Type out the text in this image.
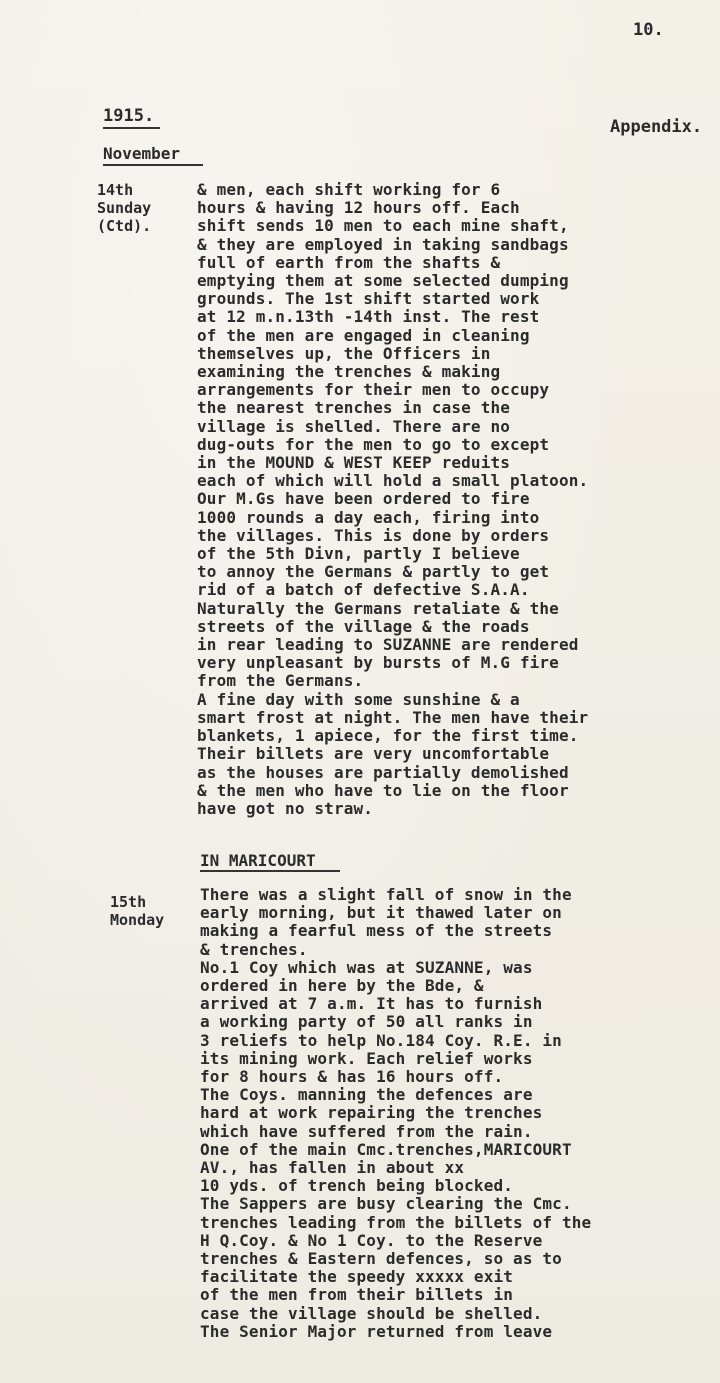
10.
1915.
Appendix.
November
14th
Sunday
(Ctd).
& men, each shift working for 6
hours & having 12 hours off. Each
shift sends 10 men to each mine shaft,
& they are employed in taking sandbags
full of earth from the shafts &
emptying them at some selected dumping
grounds. The 1st shift started work
at 12 m.n.13th -14th inst. The rest
of the men are engaged in cleaning
themselves up, the Officers in
examining the trenches & making
arrangements for their men to occupy
the nearest trenches in case the
village is shelled. There are no
dug-outs for the men to go to except
in the MOUND & WEST KEEP reduits
each of which will hold a small platoon.
Our M.Gs have been ordered to fire
1000 rounds a day each, firing into
the villages. This is done by orders
of the 5th Divn, partly I believe
to annoy the Germans & partly to get
rid of a batch of defective S.A.A.
Naturally the Germans retaliate & the
streets of the village & the roads
in rear leading to SUZANNE are rendered
very unpleasant by bursts of M.G fire
from the Germans.
A fine day with some sunshine & a
smart frost at night. The men have their
blankets, 1 apiece, for the first time.
Their billets are very uncomfortable
as the houses are partially demolished
& the men who have to lie on the floor
have got no straw.
IN MARICOURT
15th
Monday
There was a slight fall of snow in the
early morning, but it thawed later on
making a fearful mess of the streets
& trenches.
No.1 Coy which was at SUZANNE, was
ordered in here by the Bde, &
arrived at 7 a.m. It has to furnish
a working party of 50 all ranks in
3 reliefs to help No.184 Coy. R.E. in
its mining work. Each relief works
for 8 hours & has 16 hours off.
The Coys. manning the defences are
hard at work repairing the trenches
which have suffered from the rain.
One of the main Cmc.trenches,MARICOURT
AV., has fallen in about xx
10 yds. of trench being blocked.
The Sappers are busy clearing the Cmc.
trenches leading from the billets of the
H Q.Coy. & No 1 Coy. to the Reserve
trenches & Eastern defences, so as to
facilitate the speedy xxxxx exit
of the men from their billets in
case the village should be shelled.
The Senior Major returned from leave
